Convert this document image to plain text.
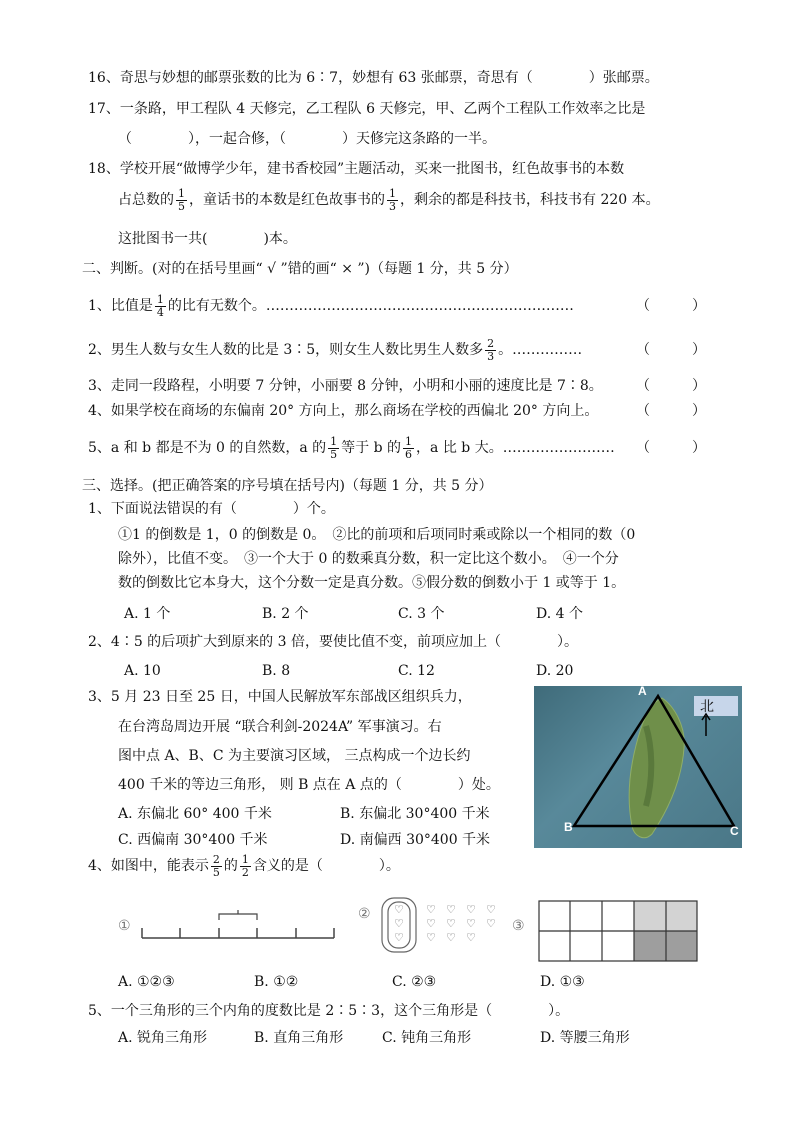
16、奇思与妙想的邮票张数的比为 6∶7，妙想有 63 张邮票，奇思有（　　　　）张邮票。
17、一条路，甲工程队 4 天修完，乙工程队 6 天修完，甲、乙两个工程队工作效率之比是
（　　　　），一起合修，（　　　　）天修完这条路的一半。
18、学校开展“做博学少年，建书香校园”主题活动，买来一批图书，红色故事书的本数
占总数的 $\frac{1}{5}$ ，童话书的本数是红色故事书的 $\frac{1}{3}$ ，剩余的都是科技书，科技书有 220 本。
这批图书一共(　　　　)本。
二、判断。(对的在括号里画“ √ ”错的画“ × ”)（每题 1 分，共 5 分）
1、比值是 $\frac{1}{4}$ 的比有无数个。…………………………………………………………	（　　　）
2、男生人数与女生人数的比是 3∶5，则女生人数比男生人数多 $\frac{2}{3}$ 。……………	（　　　）
3、走同一段路程，小明要 7 分钟，小丽要 8 分钟，小明和小丽的速度比是 7∶8。 （　　　）
4、如果学校在商场的东偏南 20° 方向上，那么商场在学校的西偏北 20° 方向上。	（　　　）
5、a 和 b 都是不为 0 的自然数，a 的 $\frac{1}{5}$ 等于 b 的 $\frac{1}{6}$ ，a 比 b 大。…………………… （　　　）
三、选择。(把正确答案的序号填在括号内)（每题 1 分，共 5 分）
1、下面说法错误的有（　　　　）个。
①1 的倒数是 1，0 的倒数是 0。　②比的前项和后项同时乘或除以一个相同的数（0
除外），比值不变。　③一个大于 0 的数乘真分数，积一定比这个数小。　④一个分
数的倒数比它本身大，这个分数一定是真分数。⑤假分数的倒数小于 1 或等于 1。
A. 1 个	B. 2 个	C. 3 个	D. 4 个
2、4∶5 的后项扩大到原来的 3 倍，要使比值不变，前项应加上（　　　　）。
A. 10	B. 8	C. 12	D. 20
3、5 月 23 日至 25 日，中国人民解放军东部战区组织兵力，
在台湾岛周边开展 “联合利剑-2024A” 军事演习。右
图中点 A、B、C 为主要演习区域， 三点构成一个边长约
400 千米的等边三角形， 则 B 点在 A 点的（　　　　）处。
A. 东偏北 60° 400 千米	B. 东偏北 30°400 千米
C. 西偏南 30°400 千米	D. 南偏西 30°400 千米
北
A
B	C
4、如图中，能表示 $\frac{2}{5}$ 的 $\frac{1}{2}$ 含义的是（　　　　）。
①
② ♡
♡
♡
♡ ♡ ♡ ♡
♡ ♡ ♡ ♡
♡ ♡ ♡
③
A. ①②③	B. ①②	C. ②③	D. ①③
5、一个三角形的三个内角的度数比是 2∶5∶3，这个三角形是（　　　　）。
A. 锐角三角形	B. 直角三角形	C. 钝角三角形	D. 等腰三角形
